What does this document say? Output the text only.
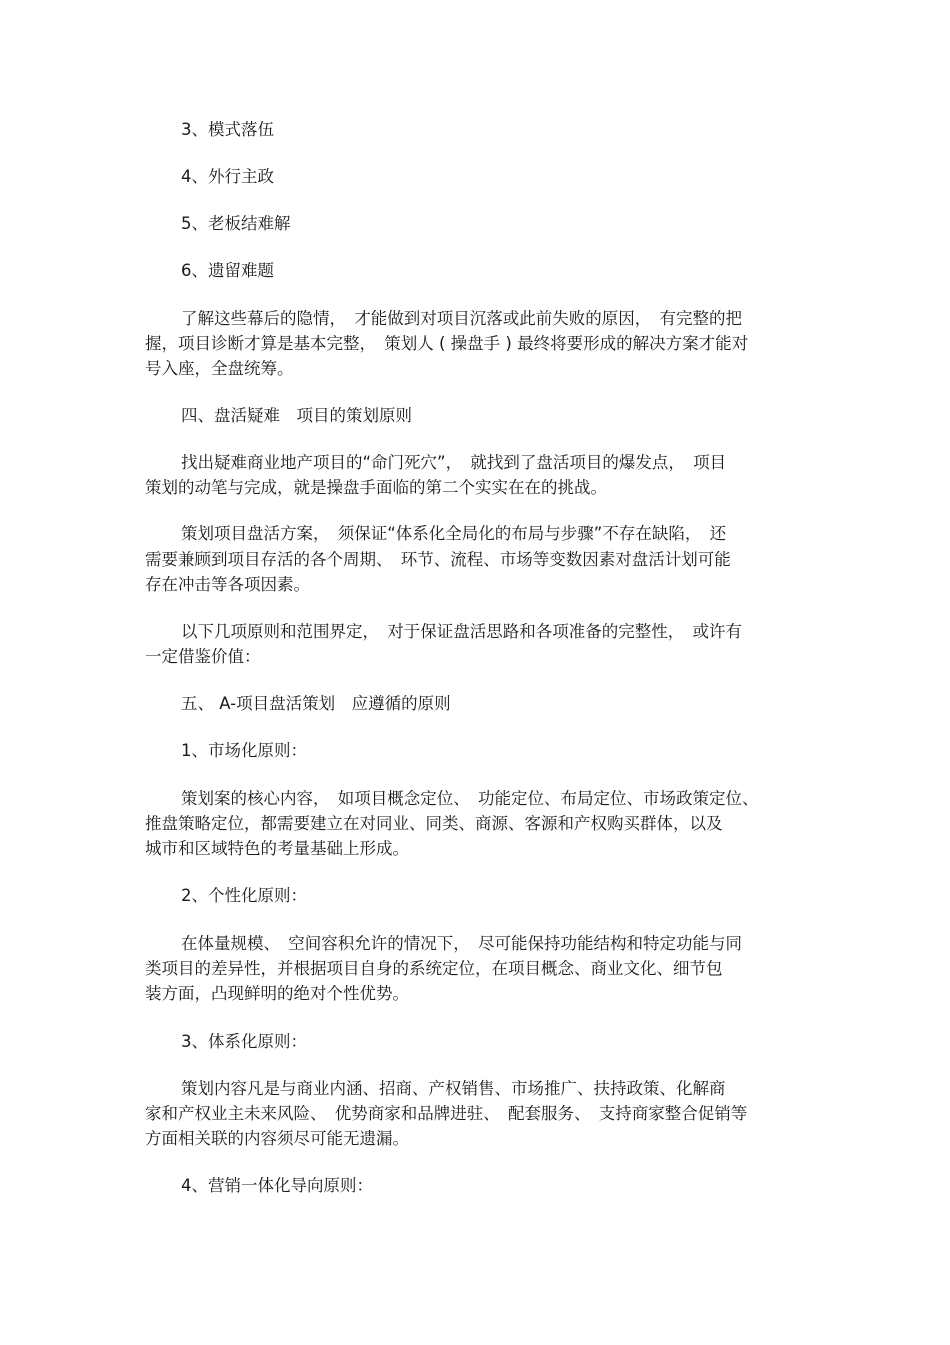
3、模式落伍
4、外行主政
5、老板结难解
6、遗留难题
了解这些幕后的隐情，　才能做到对项目沉落或此前失败的原因，　有完整的把
握，项目诊断才算是基本完整，　策划人 ( 操盘手 ) 最终将要形成的解决方案才能对
号入座，全盘统筹。
四、盘活疑难　项目的策划原则
找出疑难商业地产项目的“命门死穴”，　就找到了盘活项目的爆发点，　项目
策划的动笔与完成，就是操盘手面临的第二个实实在在的挑战。
策划项目盘活方案，　须保证“体系化全局化的布局与步骤”不存在缺陷，　还
需要兼顾到项目存活的各个周期、　环节、流程、市场等变数因素对盘活计划可能
存在冲击等各项因素。
以下几项原则和范围界定，　对于保证盘活思路和各项准备的完整性，　或许有
一定借鉴价值：
五、 A-项目盘活策划　应遵循的原则
1、市场化原则：
策划案的核心内容，　如项目概念定位、　功能定位、布局定位、市场政策定位、
推盘策略定位，都需要建立在对同业、同类、商源、客源和产权购买群体，以及
城市和区域特色的考量基础上形成。
2、个性化原则：
在体量规模、　空间容积允许的情况下，　尽可能保持功能结构和特定功能与同
类项目的差异性，并根据项目自身的系统定位，在项目概念、商业文化、细节包
装方面，凸现鲜明的绝对个性优势。
3、体系化原则：
策划内容凡是与商业内涵、招商、产权销售、市场推广、扶持政策、化解商
家和产权业主未来风险、　优势商家和品牌进驻、　配套服务、　支持商家整合促销等
方面相关联的内容须尽可能无遗漏。
4、营销一体化导向原则：
